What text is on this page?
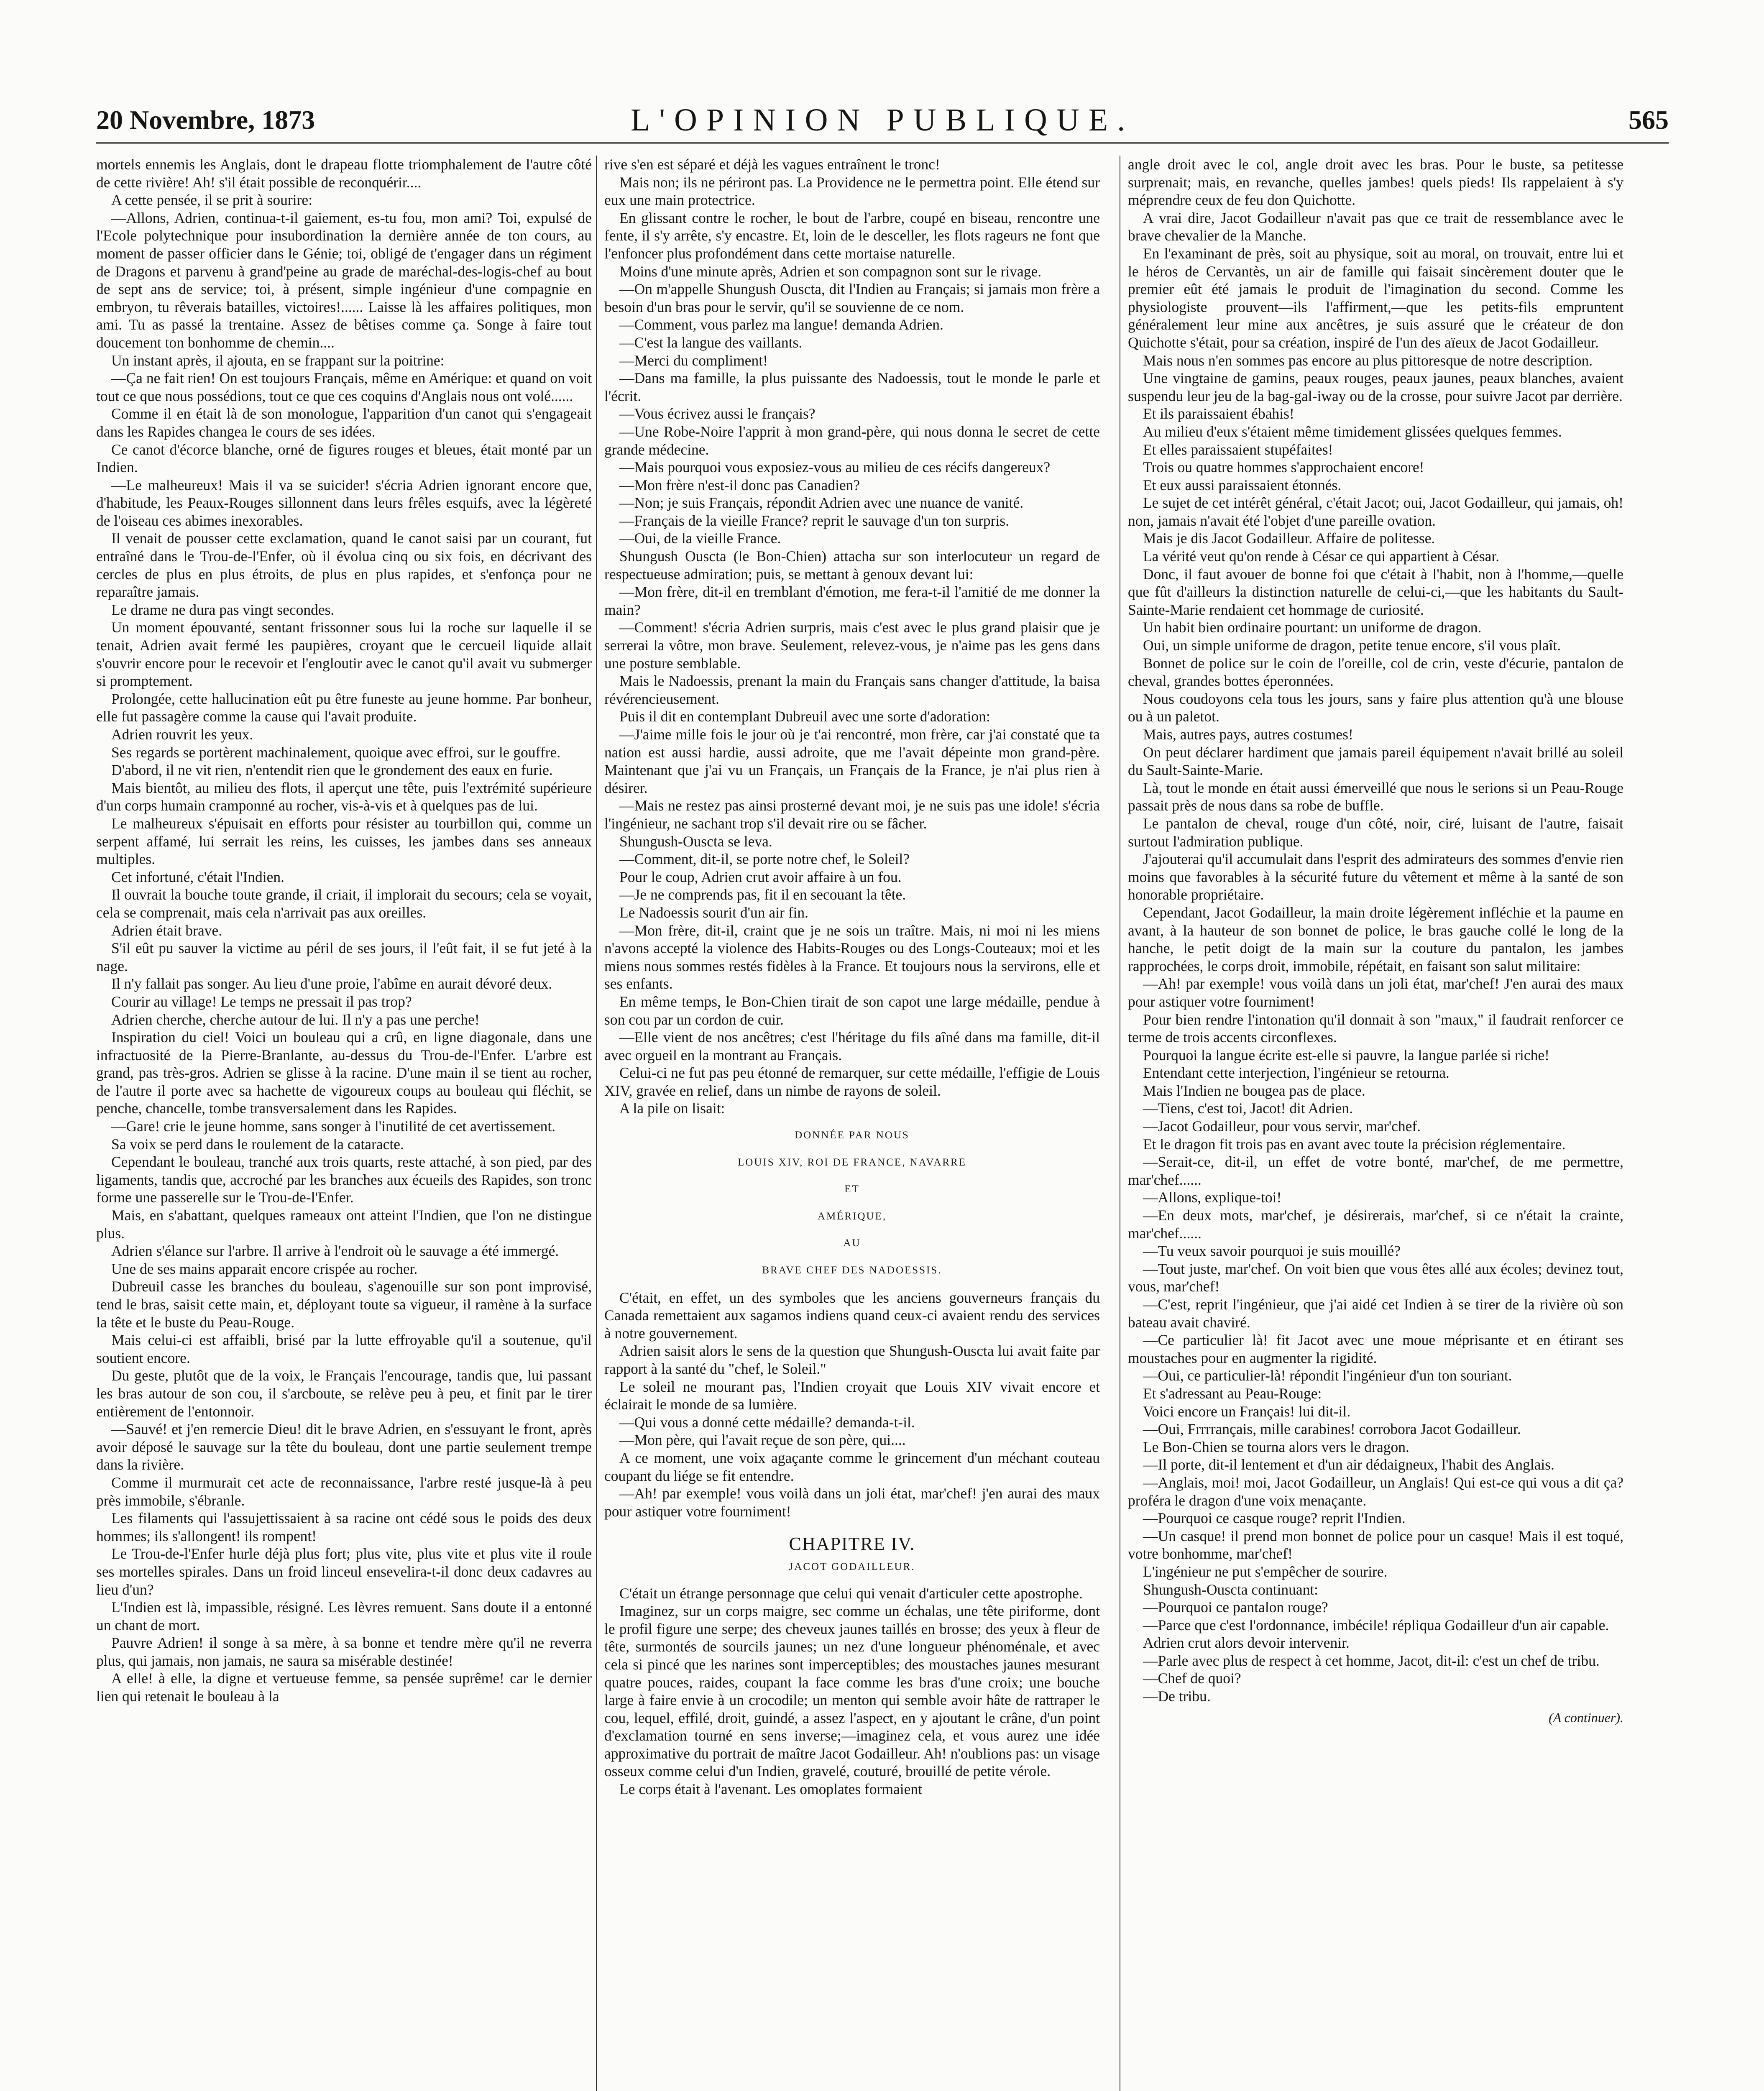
20 Novembre, 1873	L'OPINION PUBLIQUE.	565

mortels ennemis les Anglais, dont le drapeau flotte triomphalement de l'autre côté de cette rivière! Ah! s'il était possible de reconquérir....

A cette pensée, il se prit à sourire:

—Allons, Adrien, continua-t-il gaiement, es-tu fou, mon ami? Toi, expulsé de l'Ecole polytechnique pour insubordination la dernière année de ton cours, au moment de passer officier dans le Génie; toi, obligé de t'engager dans un régiment de Dragons et parvenu à grand'peine au grade de maréchal-des-logis-chef au bout de sept ans de service; toi, à présent, simple ingénieur d'une compagnie en embryon, tu rêverais batailles, victoires!...... Laisse là les affaires politiques, mon ami. Tu as passé la trentaine. Assez de bêtises comme ça. Songe à faire tout doucement ton bonhomme de chemin....

Un instant après, il ajouta, en se frappant sur la poitrine:

—Ça ne fait rien! On est toujours Français, même en Amérique: et quand on voit tout ce que nous possédions, tout ce que ces coquins d'Anglais nous ont volé......

Comme il en était là de son monologue, l'apparition d'un canot qui s'engageait dans les Rapides changea le cours de ses idées.

Ce canot d'écorce blanche, orné de figures rouges et bleues, était monté par un Indien.

—Le malheureux! Mais il va se suicider! s'écria Adrien ignorant encore que, d'habitude, les Peaux-Rouges sillonnent dans leurs frêles esquifs, avec la légèreté de l'oiseau ces abimes inexorables.

Il venait de pousser cette exclamation, quand le canot saisi par un courant, fut entraîné dans le Trou-de-l'Enfer, où il évolua cinq ou six fois, en décrivant des cercles de plus en plus étroits, de plus en plus rapides, et s'enfonça pour ne reparaître jamais.

Le drame ne dura pas vingt secondes.

Un moment épouvanté, sentant frissonner sous lui la roche sur laquelle il se tenait, Adrien avait fermé les paupières, croyant que le cercueil liquide allait s'ouvrir encore pour le recevoir et l'engloutir avec le canot qu'il avait vu submerger si promptement.

Prolongée, cette hallucination eût pu être funeste au jeune homme. Par bonheur, elle fut passagère comme la cause qui l'avait produite.

Adrien rouvrit les yeux.

Ses regards se portèrent machinalement, quoique avec effroi, sur le gouffre.

D'abord, il ne vit rien, n'entendit rien que le grondement des eaux en furie.

Mais bientôt, au milieu des flots, il aperçut une tête, puis l'extrémité supérieure d'un corps humain cramponné au rocher, vis-à-vis et à quelques pas de lui.

Le malheureux s'épuisait en efforts pour résister au tourbillon qui, comme un serpent affamé, lui serrait les reins, les cuisses, les jambes dans ses anneaux multiples.

Cet infortuné, c'était l'Indien.

Il ouvrait la bouche toute grande, il criait, il implorait du secours; cela se voyait, cela se comprenait, mais cela n'arrivait pas aux oreilles.

Adrien était brave.

S'il eût pu sauver la victime au péril de ses jours, il l'eût fait, il se fut jeté à la nage.

Il n'y fallait pas songer. Au lieu d'une proie, l'abîme en aurait dévoré deux.

Courir au village! Le temps ne pressait il pas trop?

Adrien cherche, cherche autour de lui. Il n'y a pas une perche!

Inspiration du ciel! Voici un bouleau qui a crû, en ligne diagonale, dans une infractuosité de la Pierre-Branlante, au-dessus du Trou-de-l'Enfer. L'arbre est grand, pas très-gros. Adrien se glisse à la racine. D'une main il se tient au rocher, de l'autre il porte avec sa hachette de vigoureux coups au bouleau qui fléchit, se penche, chancelle, tombe transversalement dans les Rapides.

—Gare! crie le jeune homme, sans songer à l'inutilité de cet avertissement.

Sa voix se perd dans le roulement de la cataracte.

Cependant le bouleau, tranché aux trois quarts, reste attaché, à son pied, par des ligaments, tandis que, accroché par les branches aux écueils des Rapides, son tronc forme une passerelle sur le Trou-de-l'Enfer.

Mais, en s'abattant, quelques rameaux ont atteint l'Indien, que l'on ne distingue plus.

Adrien s'élance sur l'arbre. Il arrive à l'endroit où le sauvage a été immergé.

Une de ses mains apparait encore crispée au rocher.

Dubreuil casse les branches du bouleau, s'agenouille sur son pont improvisé, tend le bras, saisit cette main, et, déployant toute sa vigueur, il ramène à la surface la tête et le buste du Peau-Rouge.

Mais celui-ci est affaibli, brisé par la lutte effroyable qu'il a soutenue, qu'il soutient encore.

Du geste, plutôt que de la voix, le Français l'encourage, tandis que, lui passant les bras autour de son cou, il s'arcboute, se relève peu à peu, et finit par le tirer entièrement de l'entonnoir.

—Sauvé! et j'en remercie Dieu! dit le brave Adrien, en s'essuyant le front, après avoir déposé le sauvage sur la tête du bouleau, dont une partie seulement trempe dans la rivière.

Comme il murmurait cet acte de reconnaissance, l'arbre resté jusque-là à peu près immobile, s'ébranle.

Les filaments qui l'assujettissaient à sa racine ont cédé sous le poids des deux hommes; ils s'allongent! ils rompent!

Le Trou-de-l'Enfer hurle déjà plus fort; plus vite, plus vite et plus vite il roule ses mortelles spirales. Dans un froid linceul ensevelira-t-il donc deux cadavres au lieu d'un?

L'Indien est là, impassible, résigné. Les lèvres remuent. Sans doute il a entonné un chant de mort.

Pauvre Adrien! il songe à sa mère, à sa bonne et tendre mère qu'il ne reverra plus, qui jamais, non jamais, ne saura sa misérable destinée!

A elle! à elle, la digne et vertueuse femme, sa pensée suprême! car le dernier lien qui retenait le bouleau à la

rive s'en est séparé et déjà les vagues entraînent le tronc!

Mais non; ils ne périront pas. La Providence ne le permettra point. Elle étend sur eux une main protectrice.

En glissant contre le rocher, le bout de l'arbre, coupé en biseau, rencontre une fente, il s'y arrête, s'y encastre. Et, loin de le desceller, les flots rageurs ne font que l'enfoncer plus profondément dans cette mortaise naturelle.

Moins d'une minute après, Adrien et son compagnon sont sur le rivage.

—On m'appelle Shungush Ouscta, dit l'Indien au Français; si jamais mon frère a besoin d'un bras pour le servir, qu'il se souvienne de ce nom.

—Comment, vous parlez ma langue! demanda Adrien.

—C'est la langue des vaillants.

—Merci du compliment!

—Dans ma famille, la plus puissante des Nadoessis, tout le monde le parle et l'écrit.

—Vous écrivez aussi le français?

—Une Robe-Noire l'apprit à mon grand-père, qui nous donna le secret de cette grande médecine.

—Mais pourquoi vous exposiez-vous au milieu de ces récifs dangereux?

—Mon frère n'est-il donc pas Canadien?

—Non; je suis Français, répondit Adrien avec une nuance de vanité.

—Français de la vieille France? reprit le sauvage d'un ton surpris.

—Oui, de la vieille France.

Shungush Ouscta (le Bon-Chien) attacha sur son interlocuteur un regard de respectueuse admiration; puis, se mettant à genoux devant lui:

—Mon frère, dit-il en tremblant d'émotion, me fera-t-il l'amitié de me donner la main?

—Comment! s'écria Adrien surpris, mais c'est avec le plus grand plaisir que je serrerai la vôtre, mon brave. Seulement, relevez-vous, je n'aime pas les gens dans une posture semblable.

Mais le Nadoessis, prenant la main du Français sans changer d'attitude, la baisa révérencieusement.

Puis il dit en contemplant Dubreuil avec une sorte d'adoration:

—J'aime mille fois le jour où je t'ai rencontré, mon frère, car j'ai constaté que ta nation est aussi hardie, aussi adroite, que me l'avait dépeinte mon grand-père. Maintenant que j'ai vu un Français, un Français de la France, je n'ai plus rien à désirer.

—Mais ne restez pas ainsi prosterné devant moi, je ne suis pas une idole! s'écria l'ingénieur, ne sachant trop s'il devait rire ou se fâcher.

Shungush-Ouscta se leva.

—Comment, dit-il, se porte notre chef, le Soleil?

Pour le coup, Adrien crut avoir affaire à un fou.

—Je ne comprends pas, fit il en secouant la tête.

Le Nadoessis sourit d'un air fin.

—Mon frère, dit-il, craint que je ne sois un traître. Mais, ni moi ni les miens n'avons accepté la violence des Habits-Rouges ou des Longs-Couteaux; moi et les miens nous sommes restés fidèles à la France. Et toujours nous la servirons, elle et ses enfants.

En même temps, le Bon-Chien tirait de son capot une large médaille, pendue à son cou par un cordon de cuir.

—Elle vient de nos ancêtres; c'est l'héritage du fils aîné dans ma famille, dit-il avec orgueil en la montrant au Français.

Celui-ci ne fut pas peu étonné de remarquer, sur cette médaille, l'effigie de Louis XIV, gravée en relief, dans un nimbe de rayons de soleil.

A la pile on lisait:

DONNÉE PAR NOUS

LOUIS XIV, ROI DE FRANCE, NAVARRE

ET

AMÉRIQUE,

AU

BRAVE CHEF DES NADOESSIS.

C'était, en effet, un des symboles que les anciens gouverneurs français du Canada remettaient aux sagamos indiens quand ceux-ci avaient rendu des services à notre gouvernement.

Adrien saisit alors le sens de la question que Shungush-Ouscta lui avait faite par rapport à la santé du "chef, le Soleil."

Le soleil ne mourant pas, l'Indien croyait que Louis XIV vivait encore et éclairait le monde de sa lumière.

—Qui vous a donné cette médaille? demanda-t-il.

—Mon père, qui l'avait reçue de son père, qui....

A ce moment, une voix agaçante comme le grincement d'un méchant couteau coupant du liége se fit entendre.

—Ah! par exemple! vous voilà dans un joli état, mar'chef! j'en aurai des maux pour astiquer votre fourniment!

CHAPITRE IV.

JACOT GODAILLEUR.

C'était un étrange personnage que celui qui venait d'articuler cette apostrophe.

Imaginez, sur un corps maigre, sec comme un échalas, une tête piriforme, dont le profil figure une serpe; des cheveux jaunes taillés en brosse; des yeux à fleur de tête, surmontés de sourcils jaunes; un nez d'une longueur phénoménale, et avec cela si pincé que les narines sont imperceptibles; des moustaches jaunes mesurant quatre pouces, raides, coupant la face comme les bras d'une croix; une bouche large à faire envie à un crocodile; un menton qui semble avoir hâte de rattraper le cou, lequel, effilé, droit, guindé, a assez l'aspect, en y ajoutant le crâne, d'un point d'exclamation tourné en sens inverse;—imaginez cela, et vous aurez une idée approximative du portrait de maître Jacot Godailleur. Ah! n'oublions pas: un visage osseux comme celui d'un Indien, gravelé, couturé, brouillé de petite vérole.

Le corps était à l'avenant. Les omoplates formaient

angle droit avec le col, angle droit avec les bras. Pour le buste, sa petitesse surprenait; mais, en revanche, quelles jambes! quels pieds! Ils rappelaient à s'y méprendre ceux de feu don Quichotte.

A vrai dire, Jacot Godailleur n'avait pas que ce trait de ressemblance avec le brave chevalier de la Manche.

En l'examinant de près, soit au physique, soit au moral, on trouvait, entre lui et le héros de Cervantès, un air de famille qui faisait sincèrement douter que le premier eût été jamais le produit de l'imagination du second. Comme les physiologiste prouvent—ils l'affirment,—que les petits-fils empruntent généralement leur mine aux ancêtres, je suis assuré que le créateur de don Quichotte s'était, pour sa création, inspiré de l'un des aïeux de Jacot Godailleur.

Mais nous n'en sommes pas encore au plus pittoresque de notre description.

Une vingtaine de gamins, peaux rouges, peaux jaunes, peaux blanches, avaient suspendu leur jeu de la bag-gal-iway ou de la crosse, pour suivre Jacot par derrière.

Et ils paraissaient ébahis!

Au milieu d'eux s'étaient même timidement glissées quelques femmes.

Et elles paraissaient stupéfaites!

Trois ou quatre hommes s'approchaient encore!

Et eux aussi paraissaient étonnés.

Le sujet de cet intérêt général, c'était Jacot; oui, Jacot Godailleur, qui jamais, oh! non, jamais n'avait été l'objet d'une pareille ovation.

Mais je dis Jacot Godailleur. Affaire de politesse.

La vérité veut qu'on rende à César ce qui appartient à César.

Donc, il faut avouer de bonne foi que c'était à l'habit, non à l'homme,—quelle que fût d'ailleurs la distinction naturelle de celui-ci,—que les habitants du Sault-Sainte-Marie rendaient cet hommage de curiosité.

Un habit bien ordinaire pourtant: un uniforme de dragon.

Oui, un simple uniforme de dragon, petite tenue encore, s'il vous plaît.

Bonnet de police sur le coin de l'oreille, col de crin, veste d'écurie, pantalon de cheval, grandes bottes éperonnées.

Nous coudoyons cela tous les jours, sans y faire plus attention qu'à une blouse ou à un paletot.

Mais, autres pays, autres costumes!

On peut déclarer hardiment que jamais pareil équipement n'avait brillé au soleil du Sault-Sainte-Marie.

Là, tout le monde en était aussi émerveillé que nous le serions si un Peau-Rouge passait près de nous dans sa robe de buffle.

Le pantalon de cheval, rouge d'un côté, noir, ciré, luisant de l'autre, faisait surtout l'admiration publique.

J'ajouterai qu'il accumulait dans l'esprit des admirateurs des sommes d'envie rien moins que favorables à la sécurité future du vêtement et même à la santé de son honorable propriétaire.

Cependant, Jacot Godailleur, la main droite légèrement infléchie et la paume en avant, à la hauteur de son bonnet de police, le bras gauche collé le long de la hanche, le petit doigt de la main sur la couture du pantalon, les jambes rapprochées, le corps droit, immobile, répétait, en faisant son salut militaire:

—Ah! par exemple! vous voilà dans un joli état, mar'chef! J'en aurai des maux pour astiquer votre fourniment!

Pour bien rendre l'intonation qu'il donnait à son "maux," il faudrait renforcer ce terme de trois accents circonflexes.

Pourquoi la langue écrite est-elle si pauvre, la langue parlée si riche!

Entendant cette interjection, l'ingénieur se retourna.

Mais l'Indien ne bougea pas de place.

—Tiens, c'est toi, Jacot! dit Adrien.

—Jacot Godailleur, pour vous servir, mar'chef.

Et le dragon fit trois pas en avant avec toute la précision réglementaire.

—Serait-ce, dit-il, un effet de votre bonté, mar'chef, de me permettre, mar'chef......

—Allons, explique-toi!

—En deux mots, mar'chef, je désirerais, mar'chef, si ce n'était la crainte, mar'chef......

—Tu veux savoir pourquoi je suis mouillé?

—Tout juste, mar'chef. On voit bien que vous êtes allé aux écoles; devinez tout, vous, mar'chef!

—C'est, reprit l'ingénieur, que j'ai aidé cet Indien à se tirer de la rivière où son bateau avait chaviré.

—Ce particulier là! fit Jacot avec une moue méprisante et en étirant ses moustaches pour en augmenter la rigidité.

—Oui, ce particulier-là! répondit l'ingénieur d'un ton souriant.

Et s'adressant au Peau-Rouge:

Voici encore un Français! lui dit-il.

—Oui, Frrrrançais, mille carabines! corrobora Jacot Godailleur.

Le Bon-Chien se tourna alors vers le dragon.

—Il porte, dit-il lentement et d'un air dédaigneux, l'habit des Anglais.

—Anglais, moi! moi, Jacot Godailleur, un Anglais! Qui est-ce qui vous a dit ça? proféra le dragon d'une voix menaçante.

—Pourquoi ce casque rouge? reprit l'Indien.

—Un casque! il prend mon bonnet de police pour un casque! Mais il est toqué, votre bonhomme, mar'chef!

L'ingénieur ne put s'empêcher de sourire.

Shungush-Ouscta continuant:

—Pourquoi ce pantalon rouge?

—Parce que c'est l'ordonnance, imbécile! répliqua Godailleur d'un air capable.

Adrien crut alors devoir intervenir.

—Parle avec plus de respect à cet homme, Jacot, dit-il: c'est un chef de tribu.

—Chef de quoi?

—De tribu.

(A continuer).
